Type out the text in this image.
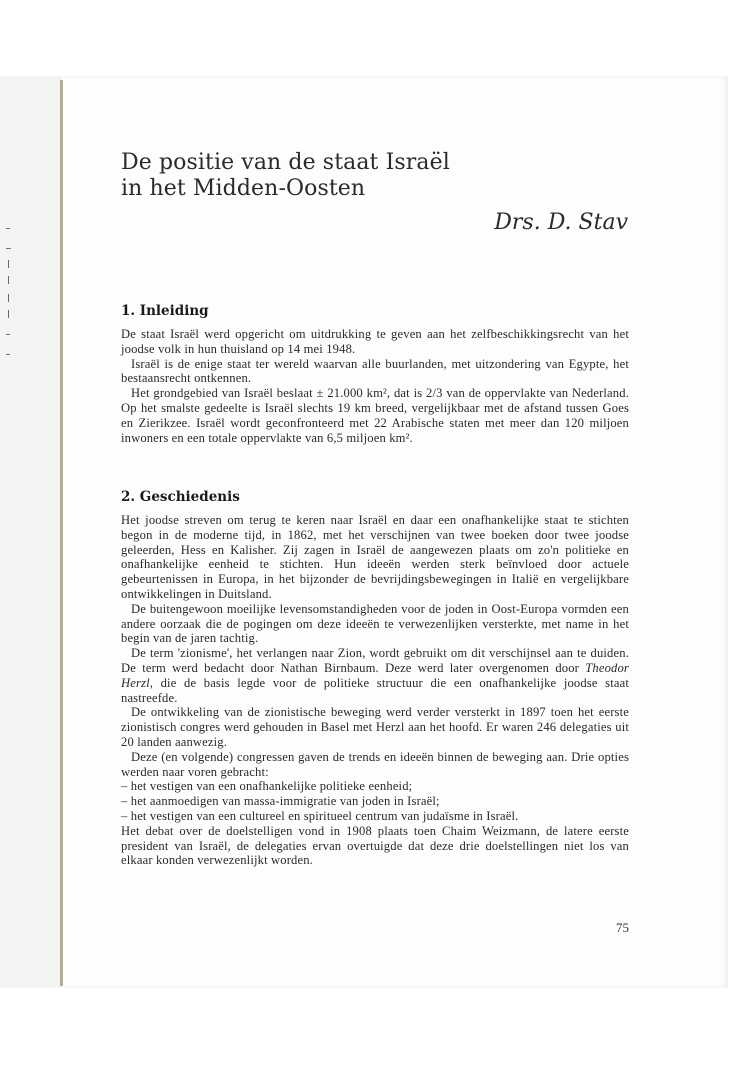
De positie van de staat Israël
in het Midden-Oosten
Drs. D. Stav
1. Inleiding

De staat Israël werd opgericht om uitdrukking te geven aan het zelfbeschikkingsrecht van het joodse volk in hun thuisland op 14 mei 1948.

Israël is de enige staat ter wereld waarvan alle buurlanden, met uitzondering van Egypte, het bestaansrecht ontkennen.

Het grondgebied van Israël beslaat ± 21.000 km², dat is 2/3 van de oppervlakte van Nederland. Op het smalste gedeelte is Israël slechts 19 km breed, vergelijkbaar met de afstand tussen Goes en Zierikzee. Israël wordt geconfronteerd met 22 Arabische staten met meer dan 120 miljoen inwoners en een totale oppervlakte van 6,5 miljoen km².

2. Geschiedenis

Het joodse streven om terug te keren naar Israël en daar een onafhankelijke staat te stichten begon in de moderne tijd, in 1862, met het verschijnen van twee boeken door twee joodse geleerden, Hess en Kalisher. Zij zagen in Israël de aangewezen plaats om zo'n politieke en onafhankelijke eenheid te stichten. Hun ideeën werden sterk beïnvloed door actuele gebeurtenissen in Europa, in het bijzonder de bevrijdingsbewegingen in Italië en vergelijkbare ontwikkelingen in Duitsland.

De buitengewoon moeilijke levensomstandigheden voor de joden in Oost-Europa vormden een andere oorzaak die de pogingen om deze ideeën te verwezenlijken versterkte, met name in het begin van de jaren tachtig.

De term 'zionisme', het verlangen naar Zion, wordt gebruikt om dit verschijnsel aan te duiden. De term werd bedacht door Nathan Birnbaum. Deze werd later overgenomen door Theodor Herzl, die de basis legde voor de politieke structuur die een onafhankelijke joodse staat nastreefde.

De ontwikkeling van de zionistische beweging werd verder versterkt in 1897 toen het eerste zionistisch congres werd gehouden in Basel met Herzl aan het hoofd. Er waren 246 delegaties uit 20 landen aanwezig.

Deze (en volgende) congressen gaven de trends en ideeën binnen de beweging aan. Drie opties werden naar voren gebracht:

– het vestigen van een onafhankelijke politieke eenheid;

– het aanmoedigen van massa-immigratie van joden in Israël;

– het vestigen van een cultureel en spiritueel centrum van judaïsme in Israël.

Het debat over de doelstelligen vond in 1908 plaats toen Chaim Weizmann, de latere eerste president van Israël, de delegaties ervan overtuigde dat deze drie doelstellingen niet los van elkaar konden verwezenlijkt worden.

75
